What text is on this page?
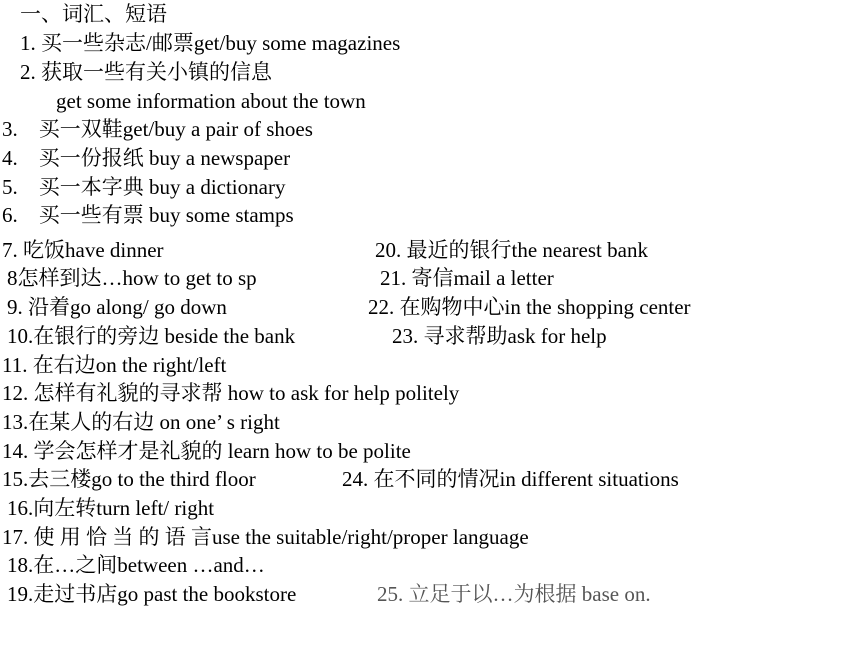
一、词汇、短语
1. 买一些杂志/邮票get/buy some magazines
2. 获取一些有关小镇的信息
get some information about the town
3.    买一双鞋get/buy a pair of shoes
4.    买一份报纸 buy a newspaper
5.    买一本字典 buy a dictionary
6.    买一些有票 buy some stamps
7. 吃饭have dinner
8怎样到达…how to get to sp
9. 沿着go along/ go down
10.在银行的旁边 beside the bank
11. 在右边on the right/left
12. 怎样有礼貌的寻求帮 how to ask for help politely
13.在某人的右边 on one’ s right
14. 学会怎样才是礼貌的 learn how to be polite
15.去三楼go to the third floor
16.向左转turn left/ right
17. 使 用 恰 当 的 语 言use the suitable/right/proper language
18.在…之间between …and…
19.走过书店go past the bookstore
20. 最近的银行the nearest bank
21. 寄信mail a letter
22. 在购物中心in the shopping center
23. 寻求帮助ask for help
24. 在不同的情况in different situations
25. 立足于以…为根据 base on.
